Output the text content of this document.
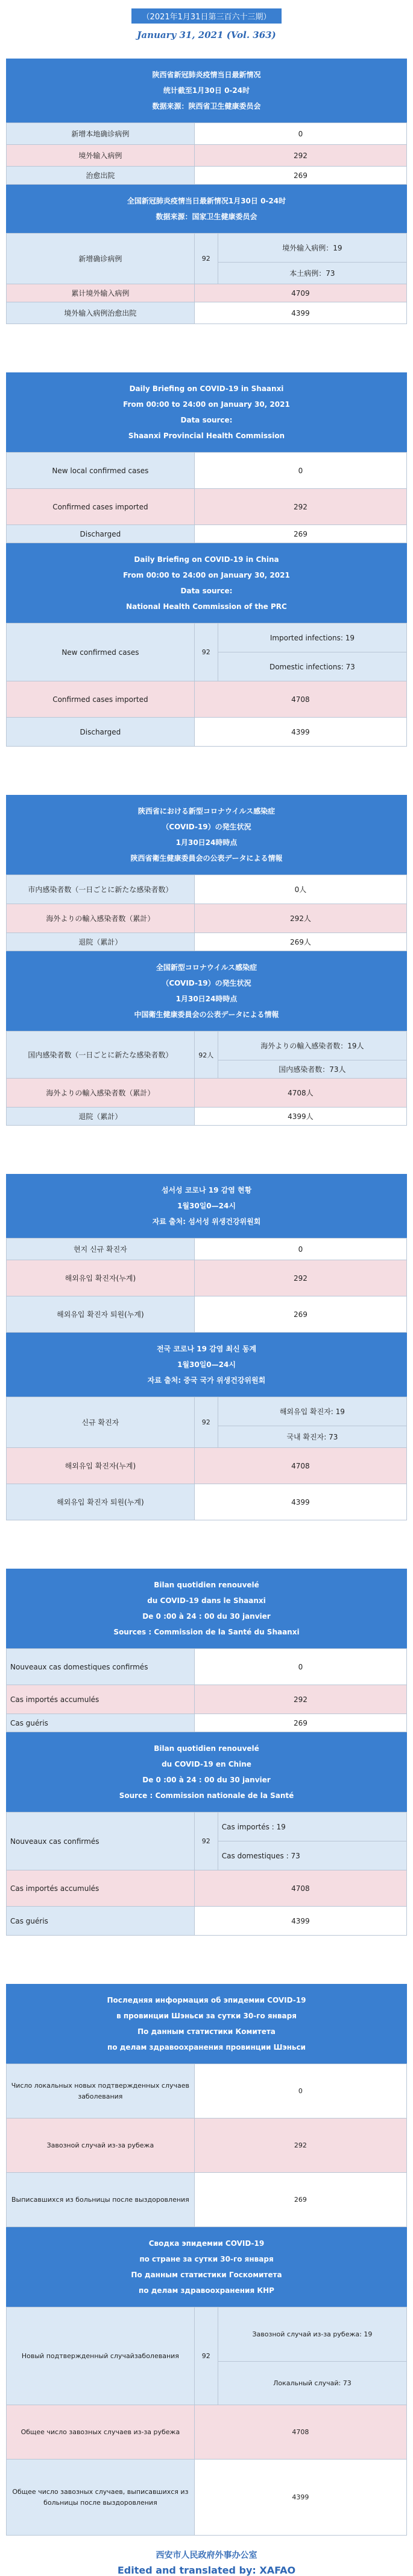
（2021年1月31日第三百六十三期）
January 31, 2021 (Vol. 363)
陕西省新冠肺炎疫情当日最新情况
统计截至1月30日 0-24时
数据来源：陕西省卫生健康委员会
新增本地确诊病例	0
境外输入病例	292
治愈出院	269
全国新冠肺炎疫情当日最新情况1月30日 0-24时
数据来源：国家卫生健康委员会
新增确诊病例	92	境外输入病例：19
		本土病例：73
累计境外输入病例	4709	
境外输入病例治愈出院	4399	
Daily Briefing on COVID-19 in Shaanxi
From 00:00 to 24:00 on January 30, 2021
Data source:
Shaanxi Provincial Health Commission
New local confirmed cases	0
Confirmed cases imported	292
Discharged	269
Daily Briefing on COVID-19 in China
From 00:00 to 24:00 on January 30, 2021
Data source:
National Health Commission of the PRC
New confirmed cases	92	Imported infections: 19
		Domestic infections: 73
Confirmed cases imported	4708	
Discharged	4399	
陝西省における新型コロナウイルス感染症
（COVID-19）の発生状況
1月30日24時時点
陝西省衛生健康委員会の公表データによる情報
市内感染者数（一日ごとに新たな感染者数）	0人
海外よりの輸入感染者数（累計）	292人
退院（累計）	269人
全国新型コロナウイルス感染症
（COVID-19）の発生状況
1月30日24時時点
中国衛生健康委員会の公表データによる情報
国内感染者数（一日ごとに新たな感染者数）	92人	海外よりの輸入感染者数：19人
		国内感染者数：73人
海外よりの輸入感染者数（累計）	4708人	
退院（累計）	4399人	
섬서성 코로나 19 감염 현황
1월30일0—24시
자료 출처: 섬서성 위생건강위원회
현지 신규 확진자	0
해외유입 확진자(누계)	292
해외유입 확진자 퇴원(누계)	269
전국 코로나 19 감염 최신 동계
1월30일0—24시
자료 출처: 중국 국가 위생건강위원회
신규 확진자	92	해외유입 확진자: 19
		국내 확진자: 73
해외유입 확진자(누계)	4708	
해외유입 확진자 퇴원(누계)	4399	
Bilan quotidien renouvelé
du COVID-19 dans le Shaanxi
De 0 :00 à 24 : 00 du 30 janvier
Sources : Commission de la Santé du Shaanxi
Nouveaux cas domestiques confirmés	0
Cas importés accumulés	292
Cas guéris	269
Bilan quotidien renouvelé
du COVID-19 en Chine
De 0 :00 à 24 : 00 du 30 janvier
Source : Commission nationale de la Santé
Nouveaux cas confirmés	92	Cas importés : 19
		Cas domestiques : 73
Cas importés accumulés	4708	
Cas guéris	4399	
Последняя информация об эпидемии COVID-19
в провинции Шэньси за сутки 30-го января
По данным статистики Комитета
по делам здравоохранения провинции Шэньси
Число локальных новых подтвержденных случаев заболевания	0
Завозной случай из-за рубежа	292
Выписавшихся из больницы после выздоровления	269
Сводка эпидемии COVID-19
по стране за сутки 30-го января
По данным статистики Госкомитета
по делам здравоохранения КНР
Новый подтвержденный случайзаболевания	92	Завозной случай из-за рубежа: 19
		Локальный случай: 73
Общее число завозных случаев из-за рубежа	4708	
Общее число завозных случаев, выписавшихся из больницы после выздоровления	4399	
西安市人民政府外事办公室
Edited and translated by: XAFAO
